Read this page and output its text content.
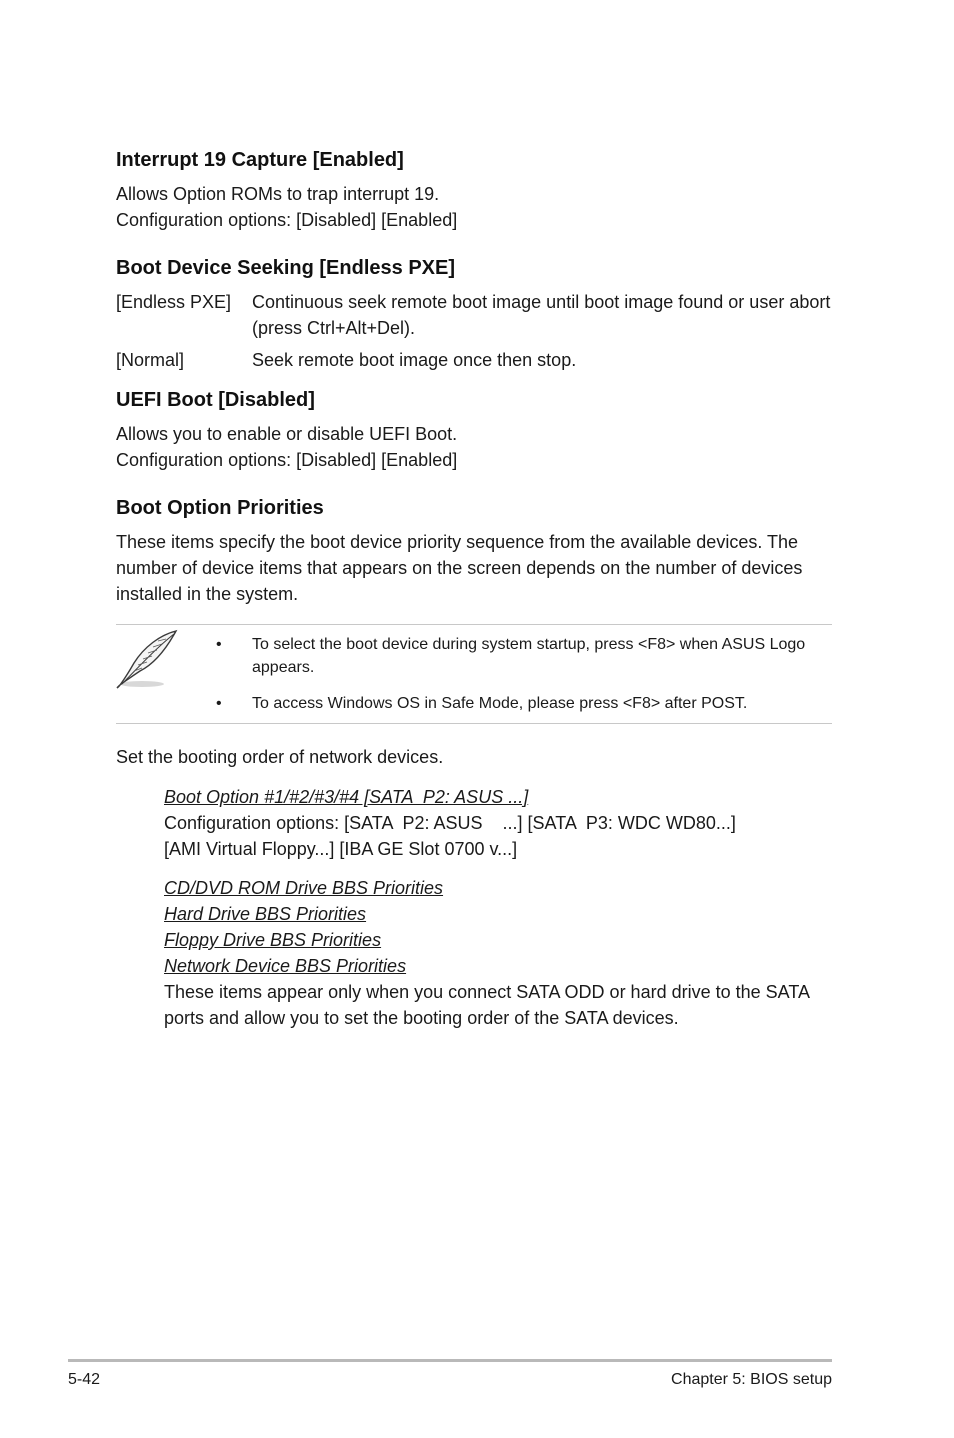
Interrupt 19 Capture [Enabled]

Allows Option ROMs to trap interrupt 19.

Configuration options: [Disabled] [Enabled]

Boot Device Seeking [Endless PXE]
[Endless PXE]	Continuous seek remote boot image until boot image found or user abort (press Ctrl+Alt+Del).
[Normal]	Seek remote boot image once then stop.
UEFI Boot [Disabled]

Allows you to enable or disable UEFI Boot.

Configuration options: [Disabled] [Enabled]

Boot Option Priorities

These items specify the boot device priority sequence from the available devices. The number of device items that appears on the screen depends on the number of devices installed in the system.

• To select the boot device during system startup, press <F8> when ASUS Logo appears.
• To access Windows OS in Safe Mode, please press <F8> after POST.

Set the booting order of network devices.

Boot Option #1/#2/#3/#4 [SATA  P2: ASUS ...]

Configuration options: [SATA  P2: ASUS    ...] [SATA  P3: WDC WD80...]

[AMI Virtual Floppy...] [IBA GE Slot 0700 v...]

CD/DVD ROM Drive BBS Priorities
Hard Drive BBS Priorities
Floppy Drive BBS Priorities
Network Device BBS Priorities

These items appear only when you connect SATA ODD or hard drive to the SATA ports and allow you to set the booting order of the SATA devices.

5-42	Chapter 5: BIOS setup
